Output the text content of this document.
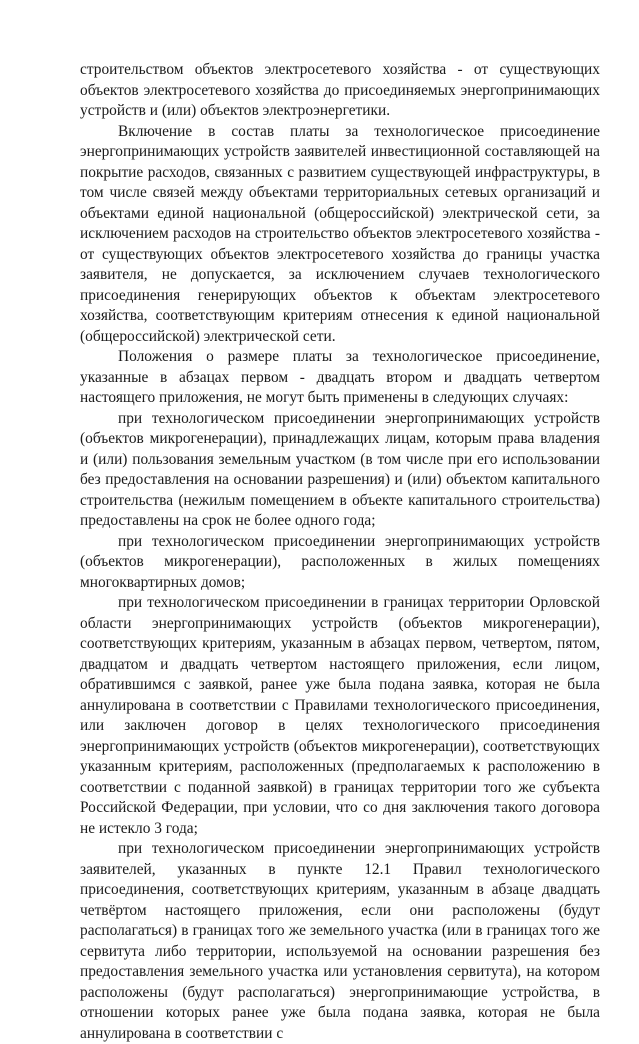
строительством объектов электросетевого хозяйства - от существующих объектов электросетевого хозяйства до присоединяемых энергопринимающих устройств и (или) объектов электроэнергетики.

Включение в состав платы за технологическое присоединение энергопринимающих устройств заявителей инвестиционной составляющей на покрытие расходов, связанных с развитием существующей инфраструктуры, в том числе связей между объектами территориальных сетевых организаций и объектами единой национальной (общероссийской) электрической сети, за исключением расходов на строительство объектов электросетевого хозяйства - от существующих объектов электросетевого хозяйства до границы участка заявителя, не допускается, за исключением случаев технологического присоединения генерирующих объектов к объектам электросетевого хозяйства, соответствующим критериям отнесения к единой национальной (общероссийской) электрической сети.

Положения о размере платы за технологическое присоединение, указанные в абзацах первом - двадцать втором и двадцать четвертом настоящего приложения, не могут быть применены в следующих случаях:

при технологическом присоединении энергопринимающих устройств (объектов микрогенерации), принадлежащих лицам, которым права владения и (или) пользования земельным участком (в том числе при его использовании без предоставления на основании разрешения) и (или) объектом капитального строительства (нежилым помещением в объекте капитального строительства) предоставлены на срок не более одного года;

при технологическом присоединении энергопринимающих устройств (объектов микрогенерации), расположенных в жилых помещениях многоквартирных домов;

при технологическом присоединении в границах территории Орловской области энергопринимающих устройств (объектов микрогенерации), соответствующих критериям, указанным в абзацах первом, четвертом, пятом, двадцатом и двадцать четвертом настоящего приложения, если лицом, обратившимся с заявкой, ранее уже была подана заявка, которая не была аннулирована в соответствии с Правилами технологического присоединения, или заключен договор в целях технологического присоединения энергопринимающих устройств (объектов микрогенерации), соответствующих указанным критериям, расположенных (предполагаемых к расположению в соответствии с поданной заявкой) в границах территории того же субъекта Российской Федерации, при условии, что со дня заключения такого договора не истекло 3 года;

при технологическом присоединении энергопринимающих устройств заявителей, указанных в пункте 12.1 Правил технологического присоединения, соответствующих критериям, указанным в абзаце двадцать четвёртом настоящего приложения, если они расположены (будут располагаться) в границах того же земельного участка (или в границах того же сервитута либо территории, используемой на основании разрешения без предоставления земельного участка или установления сервитута), на котором расположены (будут располагаться) энергопринимающие устройства, в отношении которых ранее уже была подана заявка, которая не была аннулирована в соответствии с
